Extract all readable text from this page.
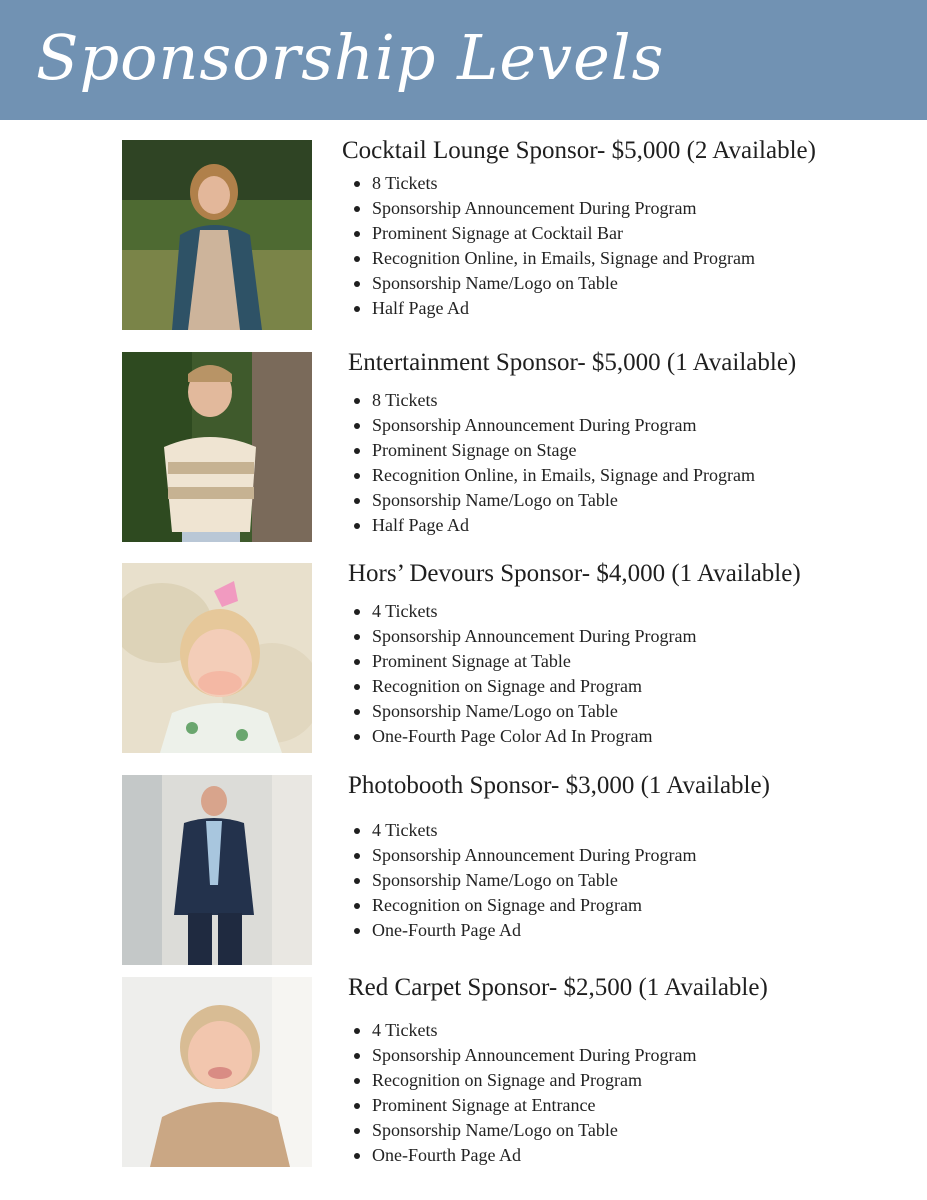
Sponsorship Levels
Cocktail Lounge Sponsor- $5,000 (2 Available)
8 Tickets
Sponsorship Announcement During Program
Prominent Signage at Cocktail Bar
Recognition Online, in Emails, Signage and Program
Sponsorship Name/Logo on Table
Half Page Ad
Entertainment Sponsor- $5,000 (1 Available)
8 Tickets
Sponsorship Announcement During Program
Prominent Signage on Stage
Recognition Online, in Emails, Signage and Program
Sponsorship Name/Logo on Table
Half Page Ad
Hors’ Devours Sponsor- $4,000 (1 Available)
4 Tickets
Sponsorship Announcement During Program
Prominent Signage at Table
Recognition on Signage and Program
Sponsorship Name/Logo on Table
One-Fourth Page Color Ad In Program
Photobooth Sponsor- $3,000 (1 Available)
4 Tickets
Sponsorship Announcement During Program
Sponsorship Name/Logo on Table
Recognition on Signage and Program
One-Fourth Page Ad
Red Carpet Sponsor- $2,500 (1 Available)
4 Tickets
Sponsorship Announcement During Program
Recognition on Signage and Program
Prominent Signage at Entrance
Sponsorship Name/Logo on Table
One-Fourth Page Ad
